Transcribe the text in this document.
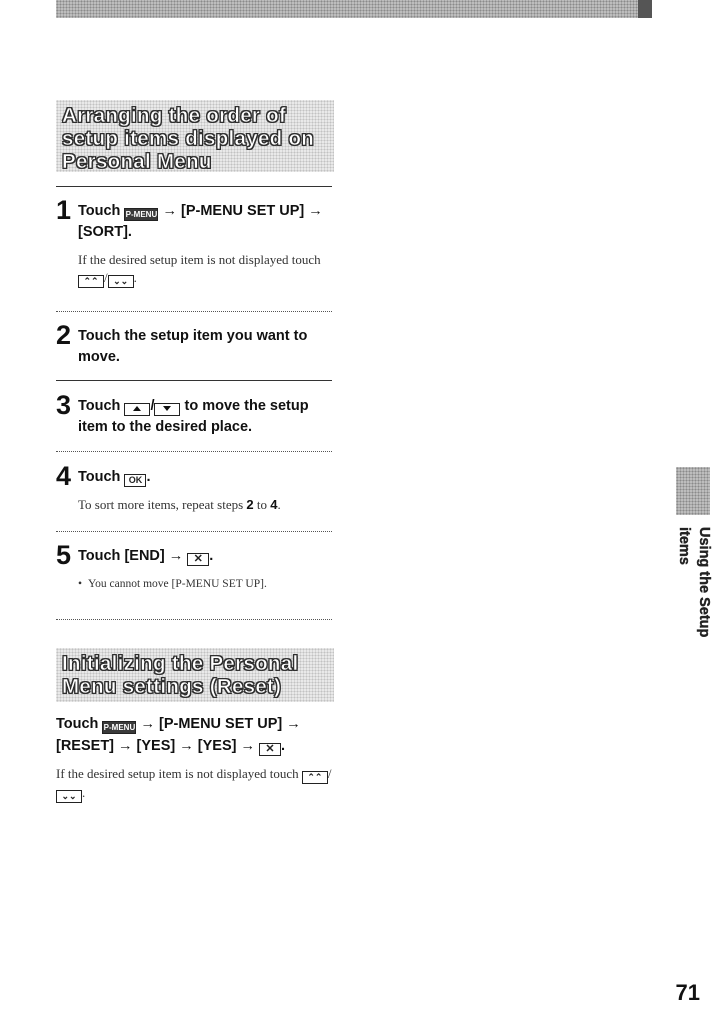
Arranging the order of setup items displayed on Personal Menu
1 Touch P-MENU → [P-MENU SET UP] → [SORT].
If the desired setup item is not displayed touch ⌃⌃ / ⌄⌄ .
2 Touch the setup item you want to move.
3 Touch / to move the setup item to the desired place.
4 Touch OK .
To sort more items, repeat steps 2 to 4.
5 Touch [END] → ✕ .
• You cannot move [P-MENU SET UP].
Initializing the Personal Menu settings (Reset)
Touch P-MENU → [P-MENU SET UP] → [RESET] → [YES] → [YES] → ✕ .
If the desired setup item is not displayed touch ⌃⌃ /⌄⌄ .
Using the Setup items
71
